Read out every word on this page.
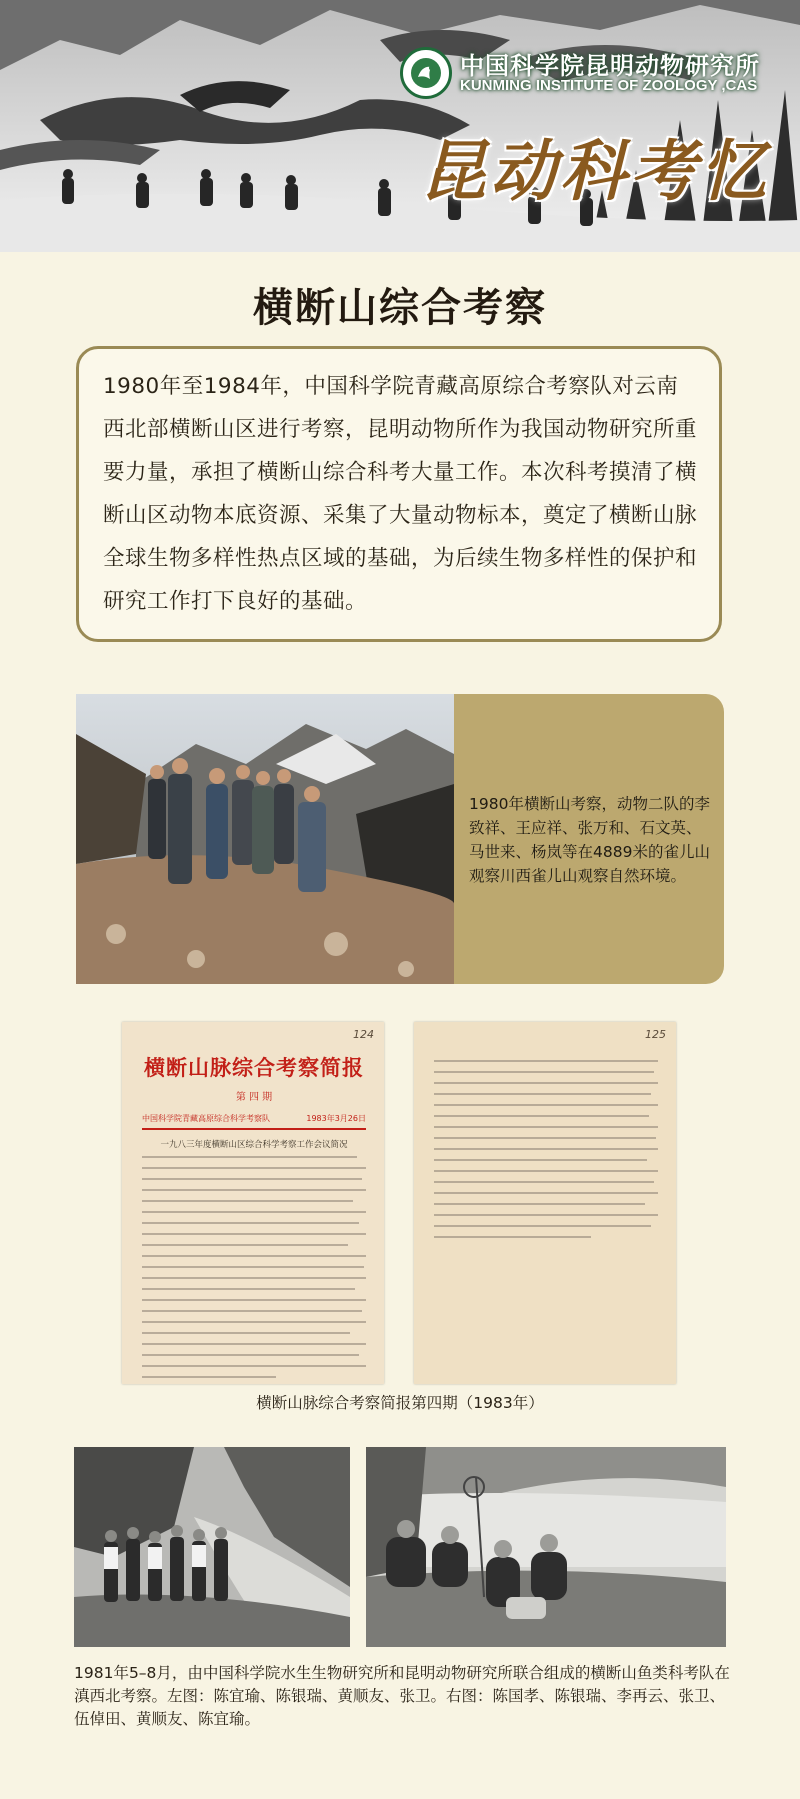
中国科学院昆明动物研究所
KUNMING INSTITUTE OF ZOOLOGY ,CAS
昆动科考忆
横断山综合考察

1980年至1984年，中国科学院青藏高原综合考察队对云南西北部横断山区进行考察，昆明动物所作为我国动物研究所重要力量，承担了横断山综合科考大量工作。本次科考摸清了横断山区动物本底资源、采集了大量动物标本，奠定了横断山脉全球生物多样性热点区域的基础，为后续生物多样性的保护和研究工作打下良好的基础。

1980年横断山考察，动物二队的李致祥、王应祥、张万和、石文英、马世来、杨岚等在4889米的雀儿山观察川西雀儿山观察自然环境。

124
横断山脉综合考察简报
第 四 期
中国科学院青藏高原综合科学考察队	1983年3月26日
一九八三年度横断山区综合科学考察工作会议简况
125
横断山脉综合考察简报第四期（1983年）
1981年5–8月，由中国科学院水生生物研究所和昆明动物研究所联合组成的横断山鱼类科考队在滇西北考察。左图：陈宜瑜、陈银瑞、黄顺友、张卫。右图：陈国孝、陈银瑞、李再云、张卫、伍倬田、黄顺友、陈宜瑜。
